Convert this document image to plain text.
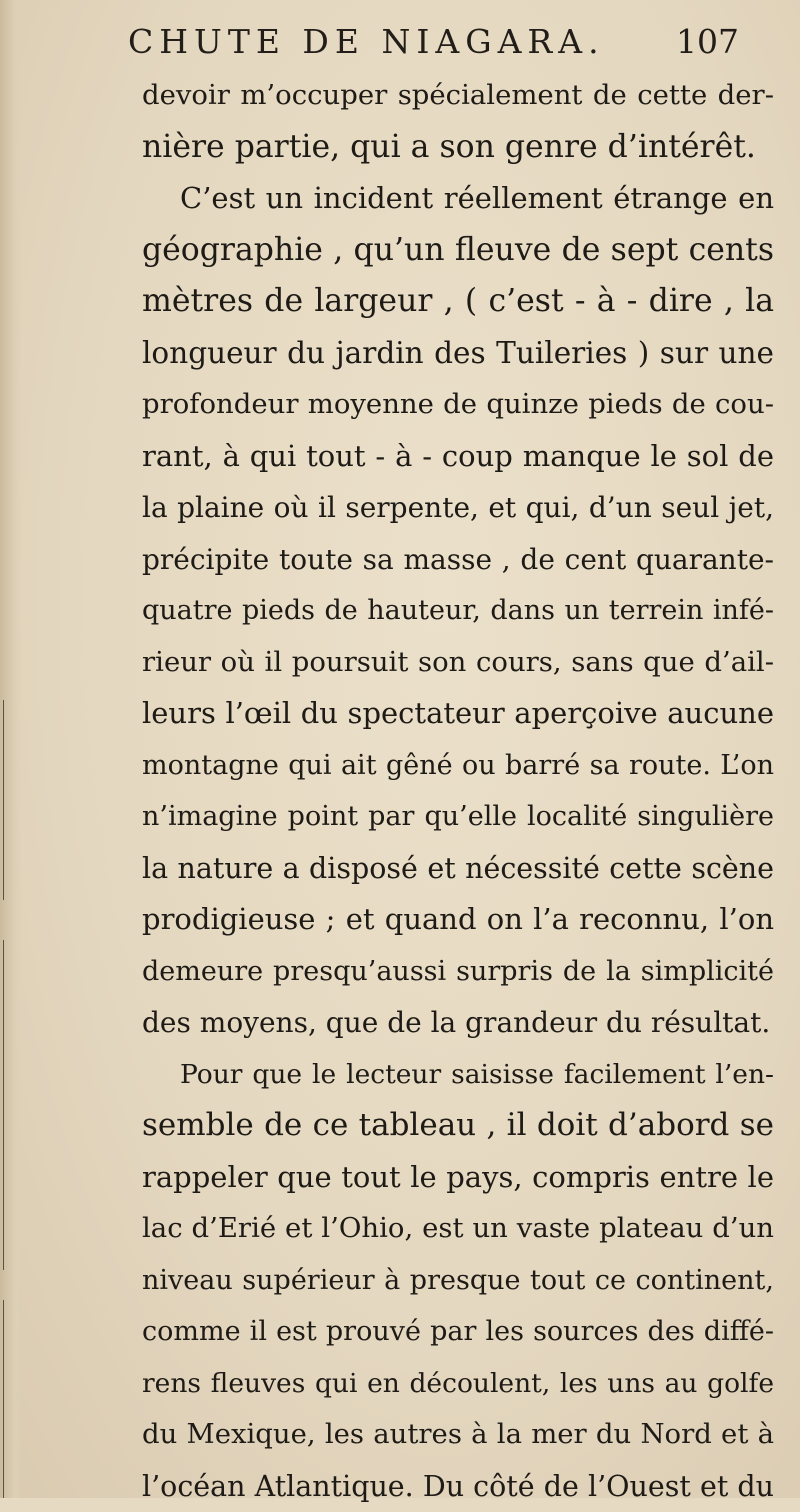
CHUTE DE NIAGARA. 107
devoir m’occuper spécialement de cette der-
nière partie, qui a son genre d’intérêt.
C’est un incident réellement étrange en
géographie , qu’un fleuve de sept cents
mètres de largeur , ( c’est - à - dire , la
longueur du jardin des Tuileries ) sur une
profondeur moyenne de quinze pieds de cou-
rant, à qui tout - à - coup manque le sol de
la plaine où il serpente, et qui, d’un seul jet,
précipite toute sa masse , de cent quarante-
quatre pieds de hauteur, dans un terrein infé-
rieur où il poursuit son cours, sans que d’ail-
leurs l’œil du spectateur aperçoive aucune
montagne qui ait gêné ou barré sa route. L’on
n’imagine point par qu’elle localité singulière
la nature a disposé et nécessité cette scène
prodigieuse ; et quand on l’a reconnu, l’on
demeure presqu’aussi surpris de la simplicité
des moyens, que de la grandeur du résultat.
Pour que le lecteur saisisse facilement l’en-
semble de ce tableau , il doit d’abord se
rappeler que tout le pays, compris entre le
lac d’Erié et l’Ohio, est un vaste plateau d’un
niveau supérieur à presque tout ce continent,
comme il est prouvé par les sources des diffé-
rens fleuves qui en découlent, les uns au golfe
du Mexique, les autres à la mer du Nord et à
l’océan Atlantique. Du côté de l’Ouest et du
